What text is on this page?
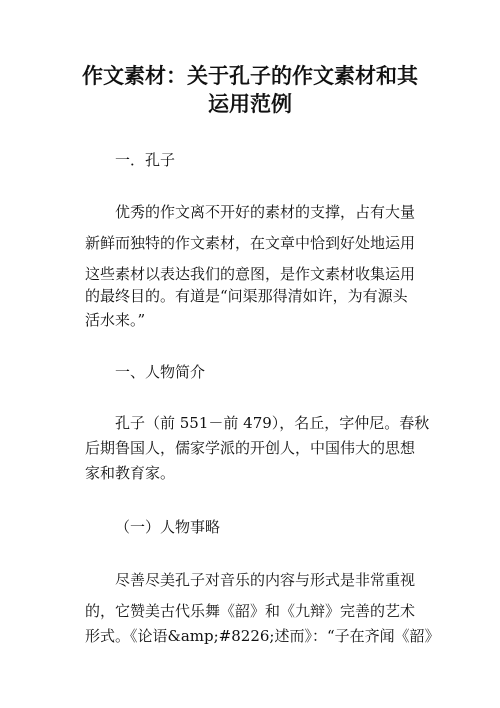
作文素材：关于孔子的作文素材和其
运用范例

一．孔子

优秀的作文离不开好的素材的支撑，占有大量

新鲜而独特的作文素材，在文章中恰到好处地运用

这些素材以表达我们的意图，是作文素材收集运用

的最终目的。有道是“问渠那得清如许，为有源头

活水来。”

一、人物简介

孔子（前 551－前 479），名丘，字仲尼。春秋

后期鲁国人，儒家学派的开创人，中国伟大的思想

家和教育家。

（一）人物事略

尽善尽美孔子对音乐的内容与形式是非常重视

的，它赞美古代乐舞《韶》和《九辩》完善的艺术

形式。《论语&amp;#8226;述而》：“子在齐闻《韶》
